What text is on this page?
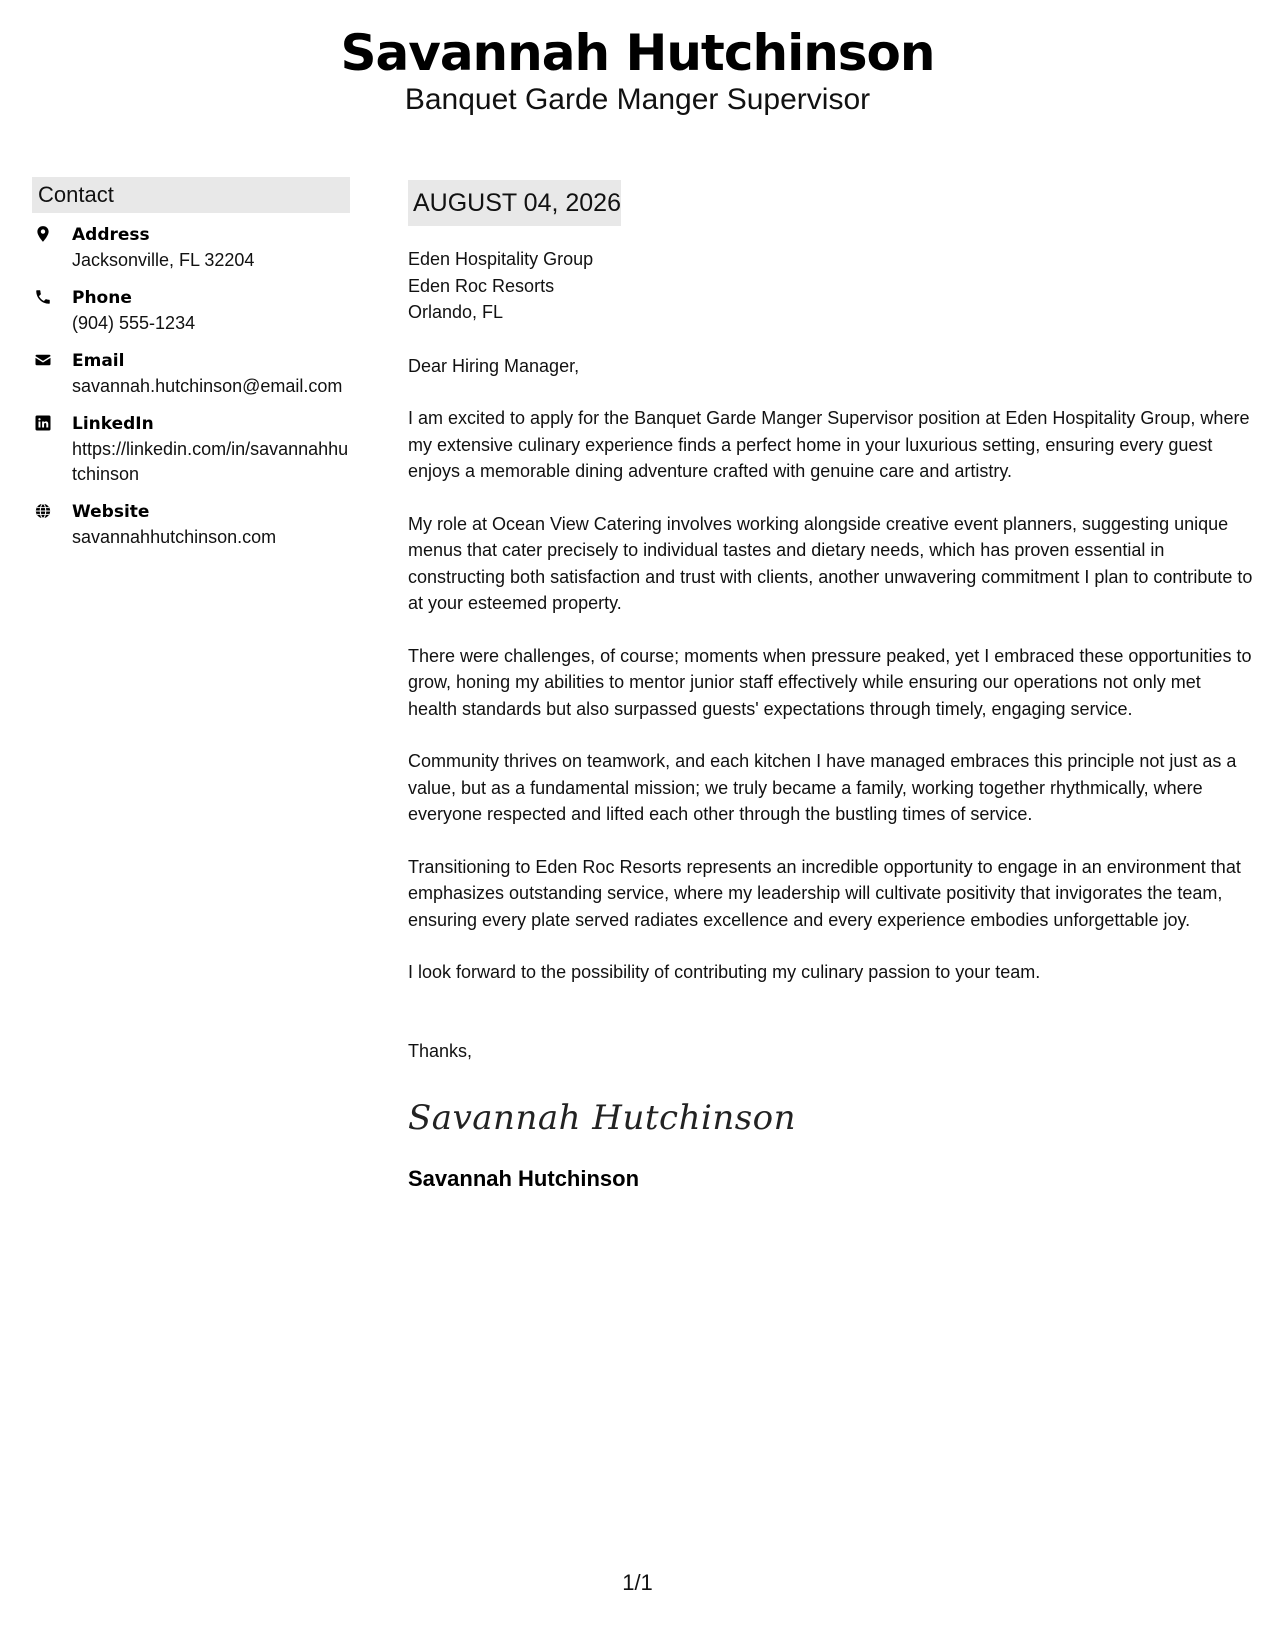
Savannah Hutchinson
Banquet Garde Manger Supervisor
Contact
Address
Jacksonville, FL 32204
Phone
(904) 555-1234
Email
savannah.hutchinson@email.com
LinkedIn
https://linkedin.com/in/savannahhutchinson
Website
savannahhutchinson.com
AUGUST 04, 2026
Eden Hospitality Group
Eden Roc Resorts
Orlando, FL
Dear Hiring Manager,
I am excited to apply for the Banquet Garde Manger Supervisor position at Eden Hospitality Group, where my extensive culinary experience finds a perfect home in your luxurious setting, ensuring every guest enjoys a memorable dining adventure crafted with genuine care and artistry.
My role at Ocean View Catering involves working alongside creative event planners, suggesting unique menus that cater precisely to individual tastes and dietary needs, which has proven essential in constructing both satisfaction and trust with clients, another unwavering commitment I plan to contribute to at your esteemed property.
There were challenges, of course; moments when pressure peaked, yet I embraced these opportunities to grow, honing my abilities to mentor junior staff effectively while ensuring our operations not only met health standards but also surpassed guests' expectations through timely, engaging service.
Community thrives on teamwork, and each kitchen I have managed embraces this principle not just as a value, but as a fundamental mission; we truly became a family, working together rhythmically, where everyone respected and lifted each other through the bustling times of service.
Transitioning to Eden Roc Resorts represents an incredible opportunity to engage in an environment that emphasizes outstanding service, where my leadership will cultivate positivity that invigorates the team, ensuring every plate served radiates excellence and every experience embodies unforgettable joy.
I look forward to the possibility of contributing my culinary passion to your team.
Thanks,
Savannah Hutchinson
Savannah Hutchinson
1/1
